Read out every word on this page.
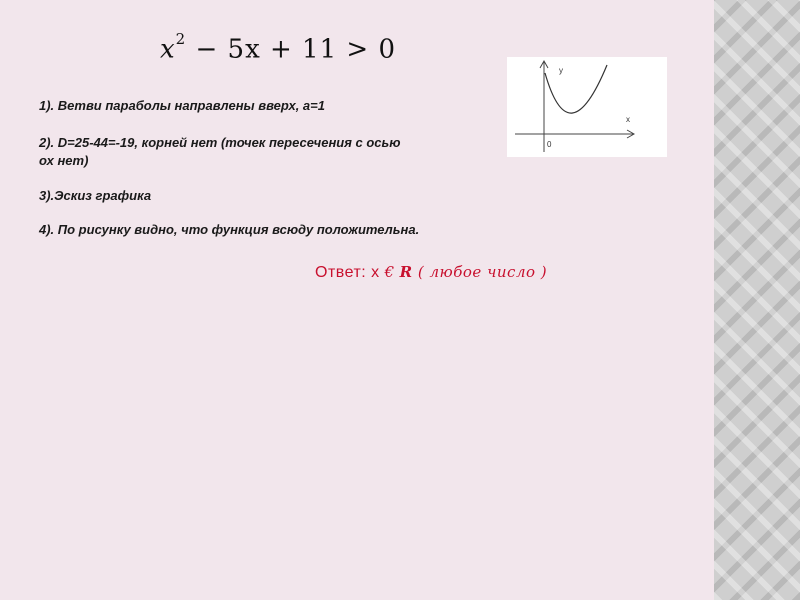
$x^2 - 5x + 11 > 0$
1). Ветви параболы направлены вверх, а=1
2). D=25-44=-19, корней нет (точек пересечения с осью
ох нет)
3).Эскиз графика
4). По рисунку видно, что функция всюду положительна.
Ответ: x € R ( любое число )
y
x
0
